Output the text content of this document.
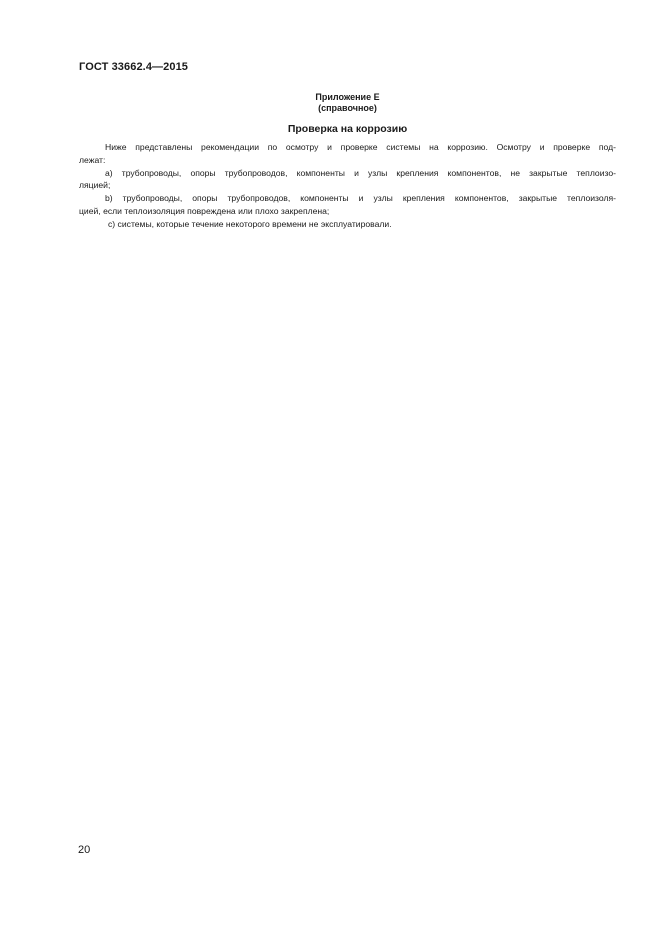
ГОСТ 33662.4—2015
Приложение Е
(справочное)
Проверка на коррозию
Ниже представлены рекомендации по осмотру и проверке системы на коррозию. Осмотру и проверке под-
лежат:
а) трубопроводы, опоры трубопроводов, компоненты и узлы крепления компонентов, не закрытые теплоизо-
ляцией;
b) трубопроводы, опоры трубопроводов, компоненты и узлы крепления компонентов, закрытые теплоизоля-
цией, если теплоизоляция повреждена или плохо закреплена;
c) системы, которые течение некоторого времени не эксплуатировали.
20
